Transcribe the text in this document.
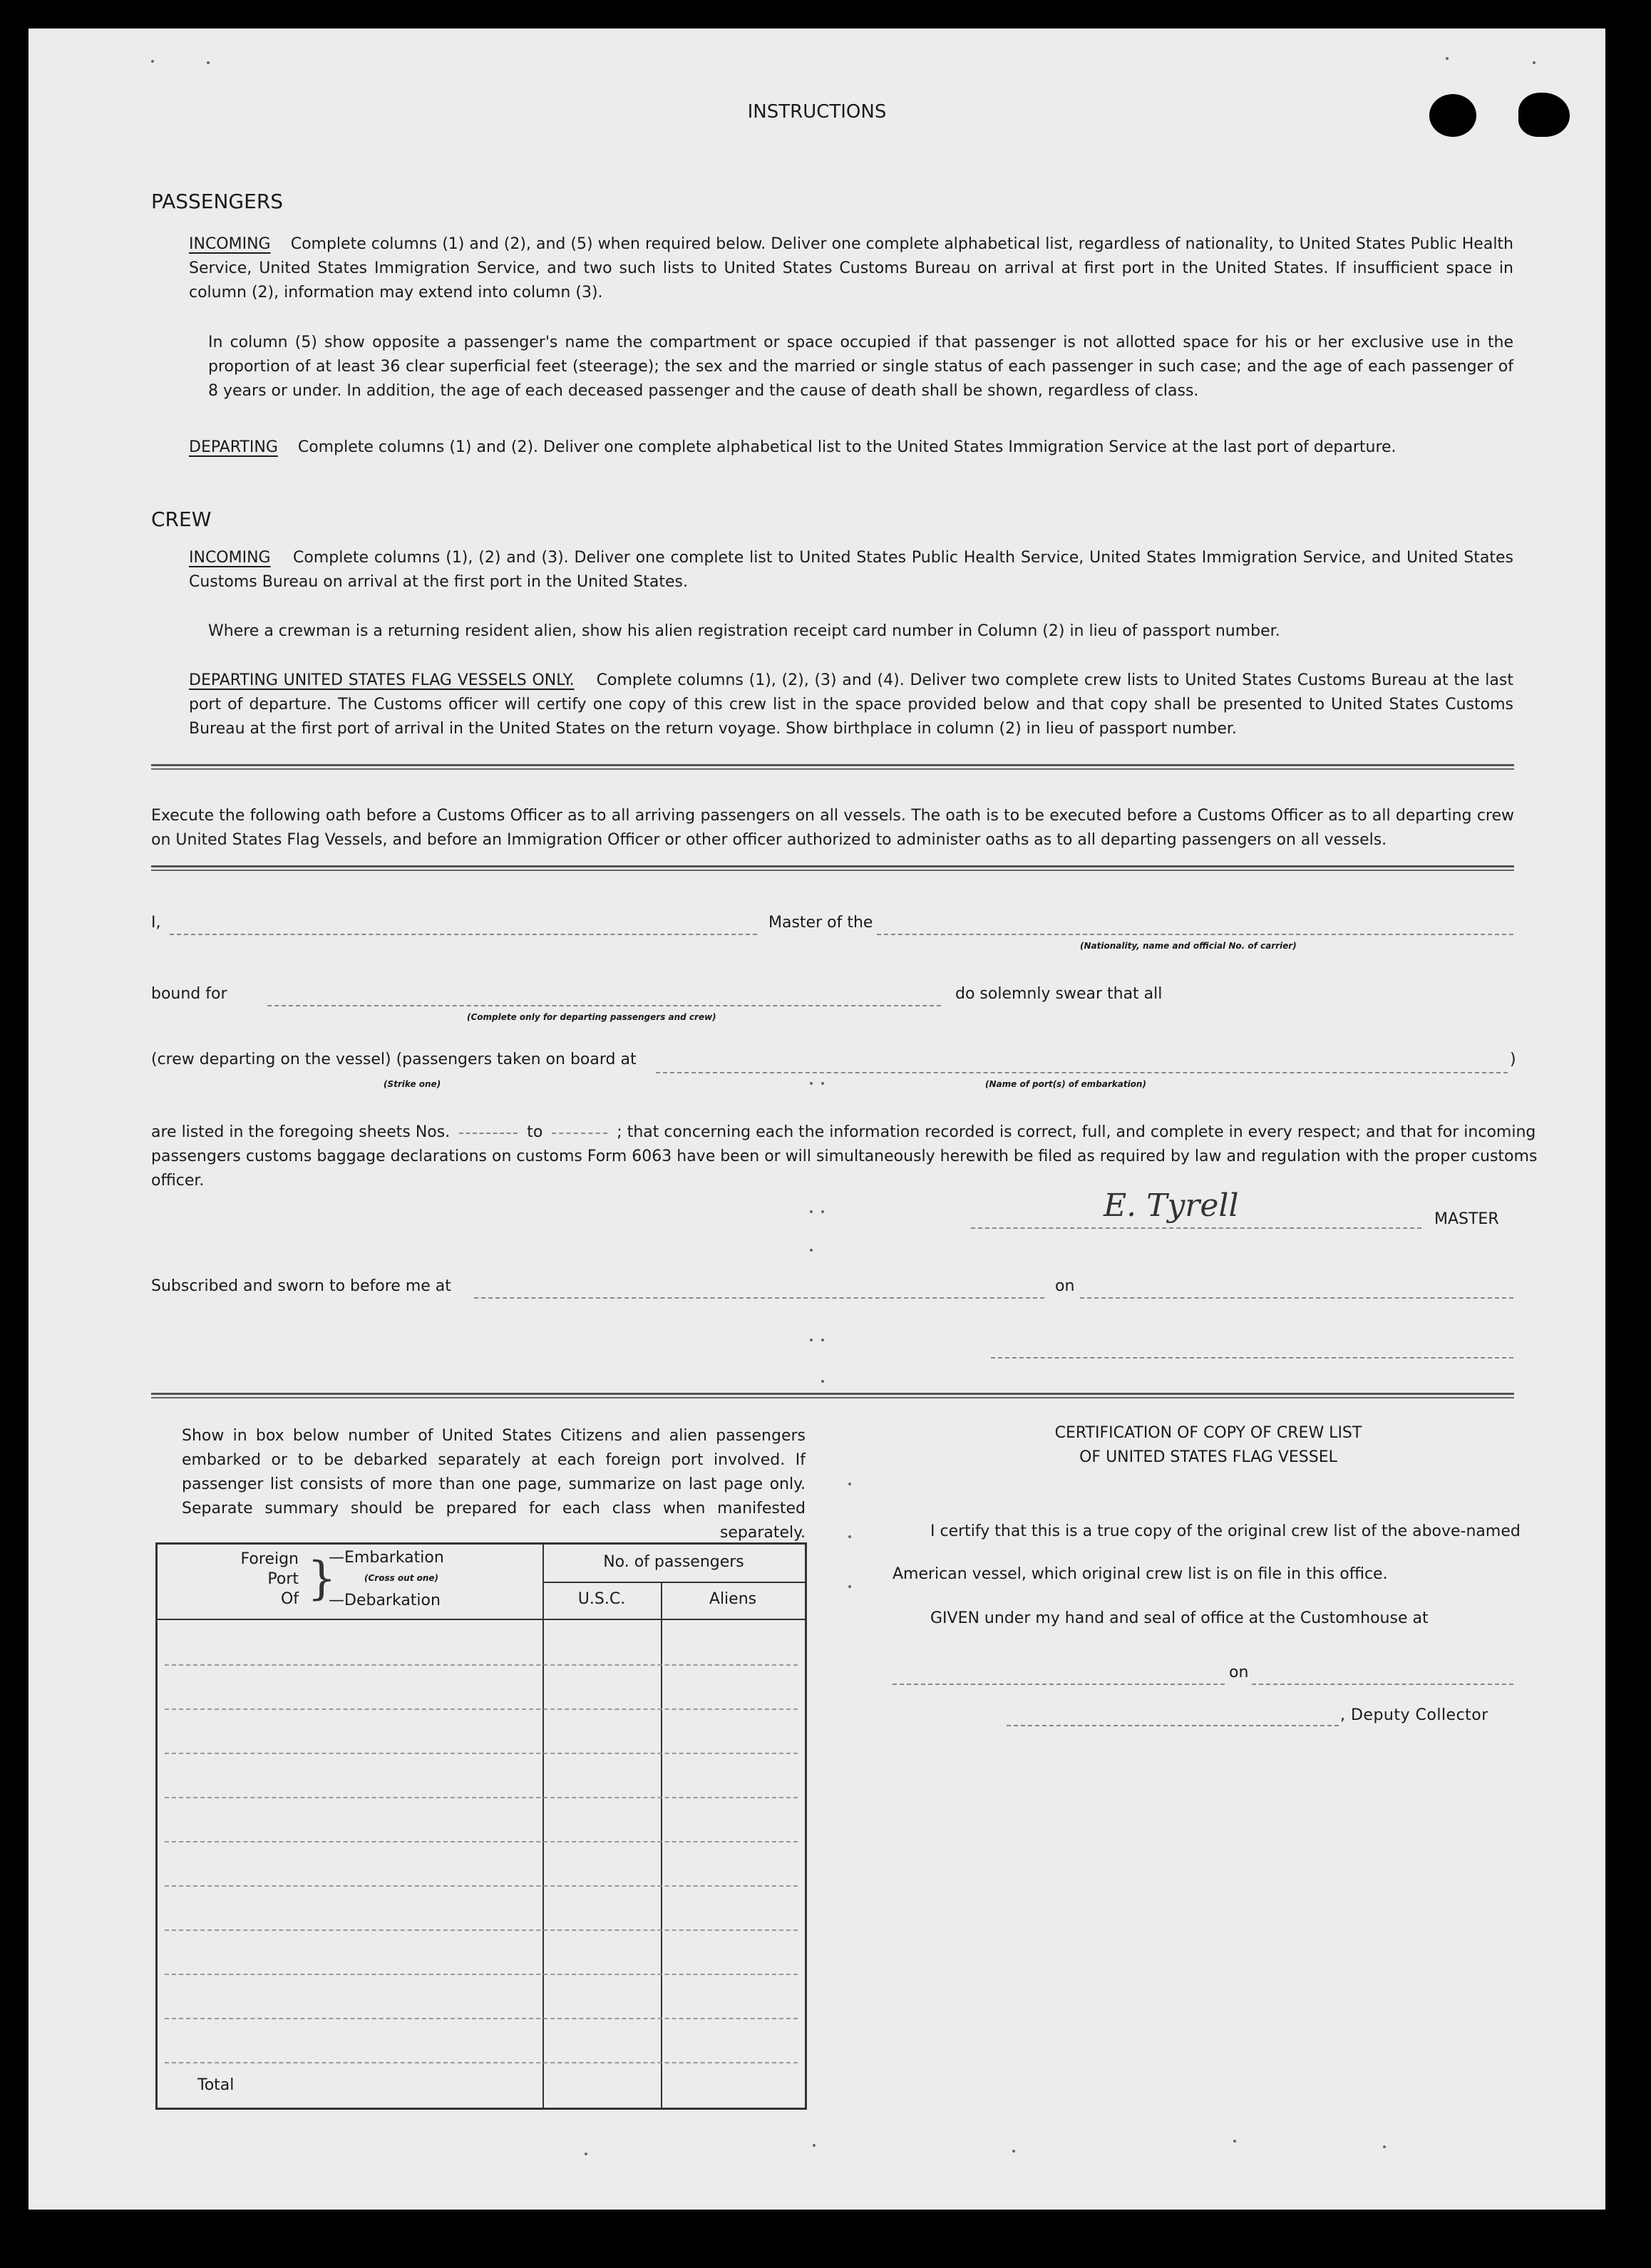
INSTRUCTIONS
PASSENGERS
INCOMING Complete columns (1) and (2), and (5) when required below. Deliver one complete alphabetical list, regardless of nationality, to United States Public Health Service, United States Immigration Service, and two such lists to United States Customs Bureau on arrival at first port in the United States. If insufficient space in column (2), information may extend into column (3).
In column (5) show opposite a passenger's name the compartment or space occupied if that passenger is not allotted space for his or her exclusive use in the proportion of at least 36 clear superficial feet (steerage); the sex and the married or single status of each passenger in such case; and the age of each passenger of 8 years or under. In addition, the age of each deceased passenger and the cause of death shall be shown, regardless of class.
DEPARTING Complete columns (1) and (2). Deliver one complete alphabetical list to the United States Immigration Service at the last port of departure.
CREW
INCOMING Complete columns (1), (2) and (3). Deliver one complete list to United States Public Health Service, United States Immigration Service, and United States Customs Bureau on arrival at the first port in the United States.
Where a crewman is a returning resident alien, show his alien registration receipt card number in Column (2) in lieu of passport number.
DEPARTING UNITED STATES FLAG VESSELS ONLY. Complete columns (1), (2), (3) and (4). Deliver two complete crew lists to United States Customs Bureau at the last port of departure. The Customs officer will certify one copy of this crew list in the space provided below and that copy shall be presented to United States Customs Bureau at the first port of arrival in the United States on the return voyage. Show birthplace in column (2) in lieu of passport number.
Execute the following oath before a Customs Officer as to all arriving passengers on all vessels. The oath is to be executed before a Customs Officer as to all departing crew on United States Flag Vessels, and before an Immigration Officer or other officer authorized to administer oaths as to all departing passengers on all vessels.
I,	Master of the
(Nationality, name and official No. of carrier)
bound for
(Complete only for departing passengers and crew)
do solemnly swear that all
(crew departing on the vessel) (passengers taken on board at	)
(Strike one)	(Name of port(s) of embarkation)
are listed in the foregoing sheets Nos.	to	; that concerning each the information recorded is correct, full, and complete in every respect; and that for incoming
passengers customs baggage declarations on customs Form 6063 have been or will simultaneously herewith be filed as required by law and regulation with the proper customs
officer.
E. Tyrell	MASTER
Subscribed and sworn to before me at	on
Show in box below number of United States Citizens and alien passengers embarked or to be debarked separately at each foreign port involved. If passenger list consists of more than one page, summarize on last page only. Separate summary should be prepared for each class when manifested separately.
Foreign
Port
Of }
—Embarkation
(Cross out one)
—Debarkation
No. of passengers
U.S.C.	Aliens
Total
CERTIFICATION OF COPY OF CREW LIST
OF UNITED STATES FLAG VESSEL
I certify that this is a true copy of the original crew list of the above-named
American vessel, which original crew list is on file in this office.
GIVEN under my hand and seal of office at the Customhouse at
on
, Deputy Collector
